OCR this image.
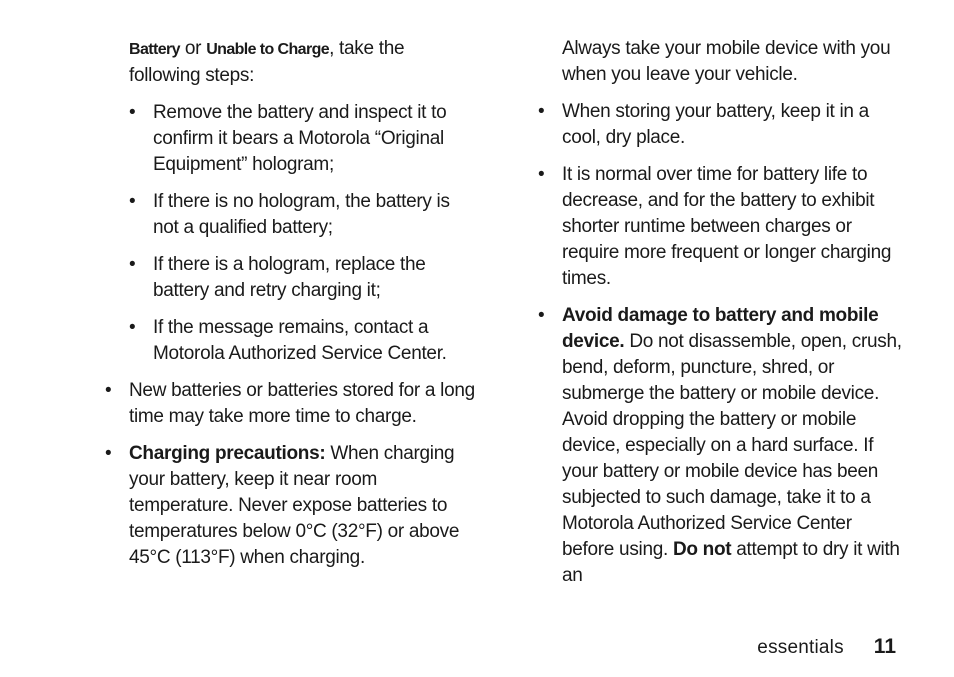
Battery or Unable to Charge, take the following steps:

• Remove the battery and inspect it to confirm it bears a Motorola “Original Equipment” hologram;
• If there is no hologram, the battery is not a qualified battery;
• If there is a hologram, replace the battery and retry charging it;
• If the message remains, contact a Motorola Authorized Service Center.
• New batteries or batteries stored for a long time may take more time to charge.
• Charging precautions: When charging your battery, keep it near room temperature. Never expose batteries to temperatures below 0°C (32°F) or above 45°C (113°F) when charging.

Always take your mobile device with you when you leave your vehicle.

• When storing your battery, keep it in a cool, dry place.
• It is normal over time for battery life to decrease, and for the battery to exhibit shorter runtime between charges or require more frequent or longer charging times.
• Avoid damage to battery and mobile device. Do not disassemble, open, crush, bend, deform, puncture, shred, or submerge the battery or mobile device. Avoid dropping the battery or mobile device, especially on a hard surface. If your battery or mobile device has been subjected to such damage, take it to a Motorola Authorized Service Center before using. Do not attempt to dry it with an
essentials 11
